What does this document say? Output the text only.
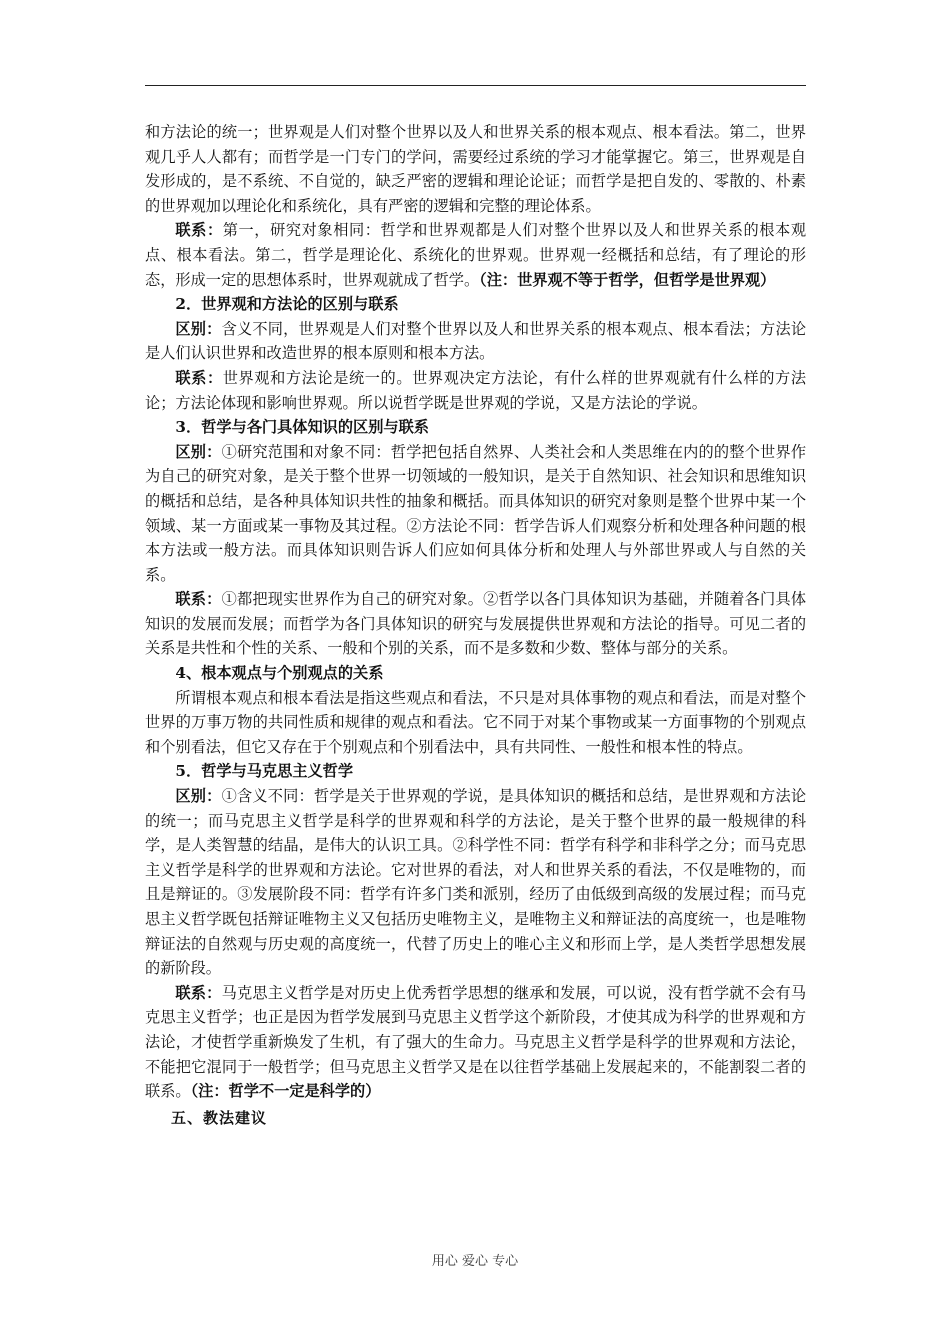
和方法论的统一；世界观是人们对整个世界以及人和世界关系的根本观点、根本看法。第二，世界观几乎人人都有；而哲学是一门专门的学问，需要经过系统的学习才能掌握它。第三，世界观是自发形成的，是不系统、不自觉的，缺乏严密的逻辑和理论论证；而哲学是把自发的、零散的、朴素的世界观加以理论化和系统化，具有严密的逻辑和完整的理论体系。

联系：第一，研究对象相同：哲学和世界观都是人们对整个世界以及人和世界关系的根本观点、根本看法。第二，哲学是理论化、系统化的世界观。世界观一经概括和总结，有了理论的形态，形成一定的思想体系时，世界观就成了哲学。（注：世界观不等于哲学，但哲学是世界观）

2．世界观和方法论的区别与联系

区别：含义不同，世界观是人们对整个世界以及人和世界关系的根本观点、根本看法；方法论是人们认识世界和改造世界的根本原则和根本方法。

联系：世界观和方法论是统一的。世界观决定方法论，有什么样的世界观就有什么样的方法论；方法论体现和影响世界观。所以说哲学既是世界观的学说，又是方法论的学说。

3．哲学与各门具体知识的区别与联系

区别：①研究范围和对象不同：哲学把包括自然界、人类社会和人类思维在内的的整个世界作为自己的研究对象，是关于整个世界一切领域的一般知识，是关于自然知识、社会知识和思维知识的概括和总结，是各种具体知识共性的抽象和概括。而具体知识的研究对象则是整个世界中某一个领域、某一方面或某一事物及其过程。②方法论不同：哲学告诉人们观察分析和处理各种问题的根本方法或一般方法。而具体知识则告诉人们应如何具体分析和处理人与外部世界或人与自然的关系。

联系：①都把现实世界作为自己的研究对象。②哲学以各门具体知识为基础，并随着各门具体知识的发展而发展；而哲学为各门具体知识的研究与发展提供世界观和方法论的指导。可见二者的关系是共性和个性的关系、一般和个别的关系，而不是多数和少数、整体与部分的关系。

4、根本观点与个别观点的关系

所谓根本观点和根本看法是指这些观点和看法，不只是对具体事物的观点和看法，而是对整个世界的万事万物的共同性质和规律的观点和看法。它不同于对某个事物或某一方面事物的个别观点和个别看法，但它又存在于个别观点和个别看法中，具有共同性、一般性和根本性的特点。

5．哲学与马克思主义哲学

区别：①含义不同：哲学是关于世界观的学说，是具体知识的概括和总结，是世界观和方法论的统一；而马克思主义哲学是科学的世界观和科学的方法论，是关于整个世界的最一般规律的科学，是人类智慧的结晶，是伟大的认识工具。②科学性不同：哲学有科学和非科学之分；而马克思主义哲学是科学的世界观和方法论。它对世界的看法，对人和世界关系的看法，不仅是唯物的，而且是辩证的。③发展阶段不同：哲学有许多门类和派别，经历了由低级到高级的发展过程；而马克思主义哲学既包括辩证唯物主义又包括历史唯物主义，是唯物主义和辩证法的高度统一，也是唯物辩证法的自然观与历史观的高度统一，代替了历史上的唯心主义和形而上学，是人类哲学思想发展的新阶段。

联系：马克思主义哲学是对历史上优秀哲学思想的继承和发展，可以说，没有哲学就不会有马克思主义哲学；也正是因为哲学发展到马克思主义哲学这个新阶段，才使其成为科学的世界观和方法论，才使哲学重新焕发了生机，有了强大的生命力。马克思主义哲学是科学的世界观和方法论，不能把它混同于一般哲学；但马克思主义哲学又是在以往哲学基础上发展起来的，不能割裂二者的联系。（注：哲学不一定是科学的）

五、教法建议

用心 爱心 专心
